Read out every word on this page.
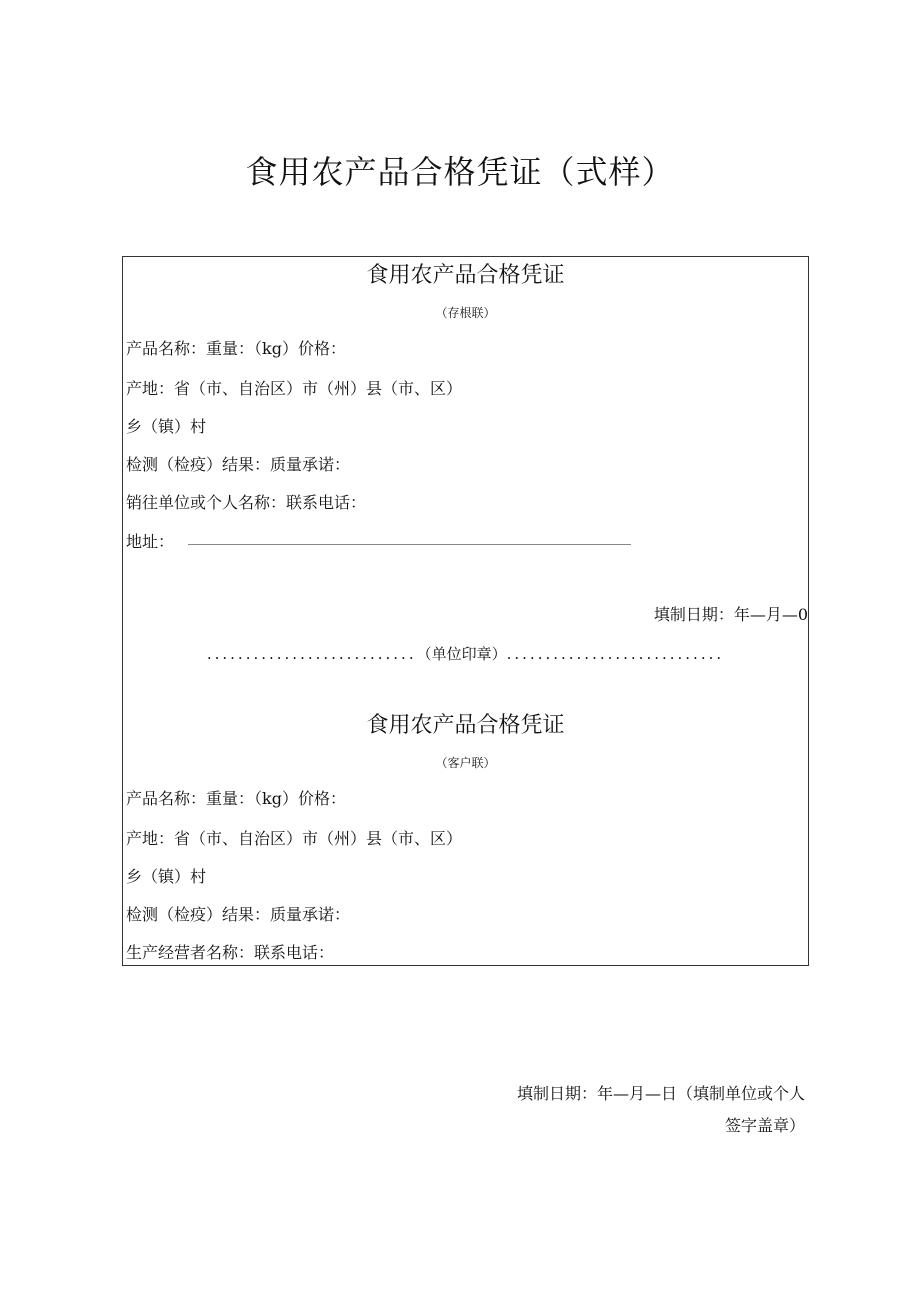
食用农产品合格凭证（式样）
食用农产品合格凭证
（存根联）
产品名称：重量：（kg）价格：
产地：省（市、自治区）市（州）县（市、区）
乡（镇）村
检测（检疫）结果：质量承诺：
销往单位或个人名称：联系电话：
地址：
填制日期：年—月—0
...........................（单位印章）............................
食用农产品合格凭证
（客户联）
产品名称：重量：（kg）价格：
产地：省（市、自治区）市（州）县（市、区）
乡（镇）村
检测（检疫）结果：质量承诺：
生产经营者名称：联系电话：
填制日期：年—月—日（填制单位或个人
签字盖章）
